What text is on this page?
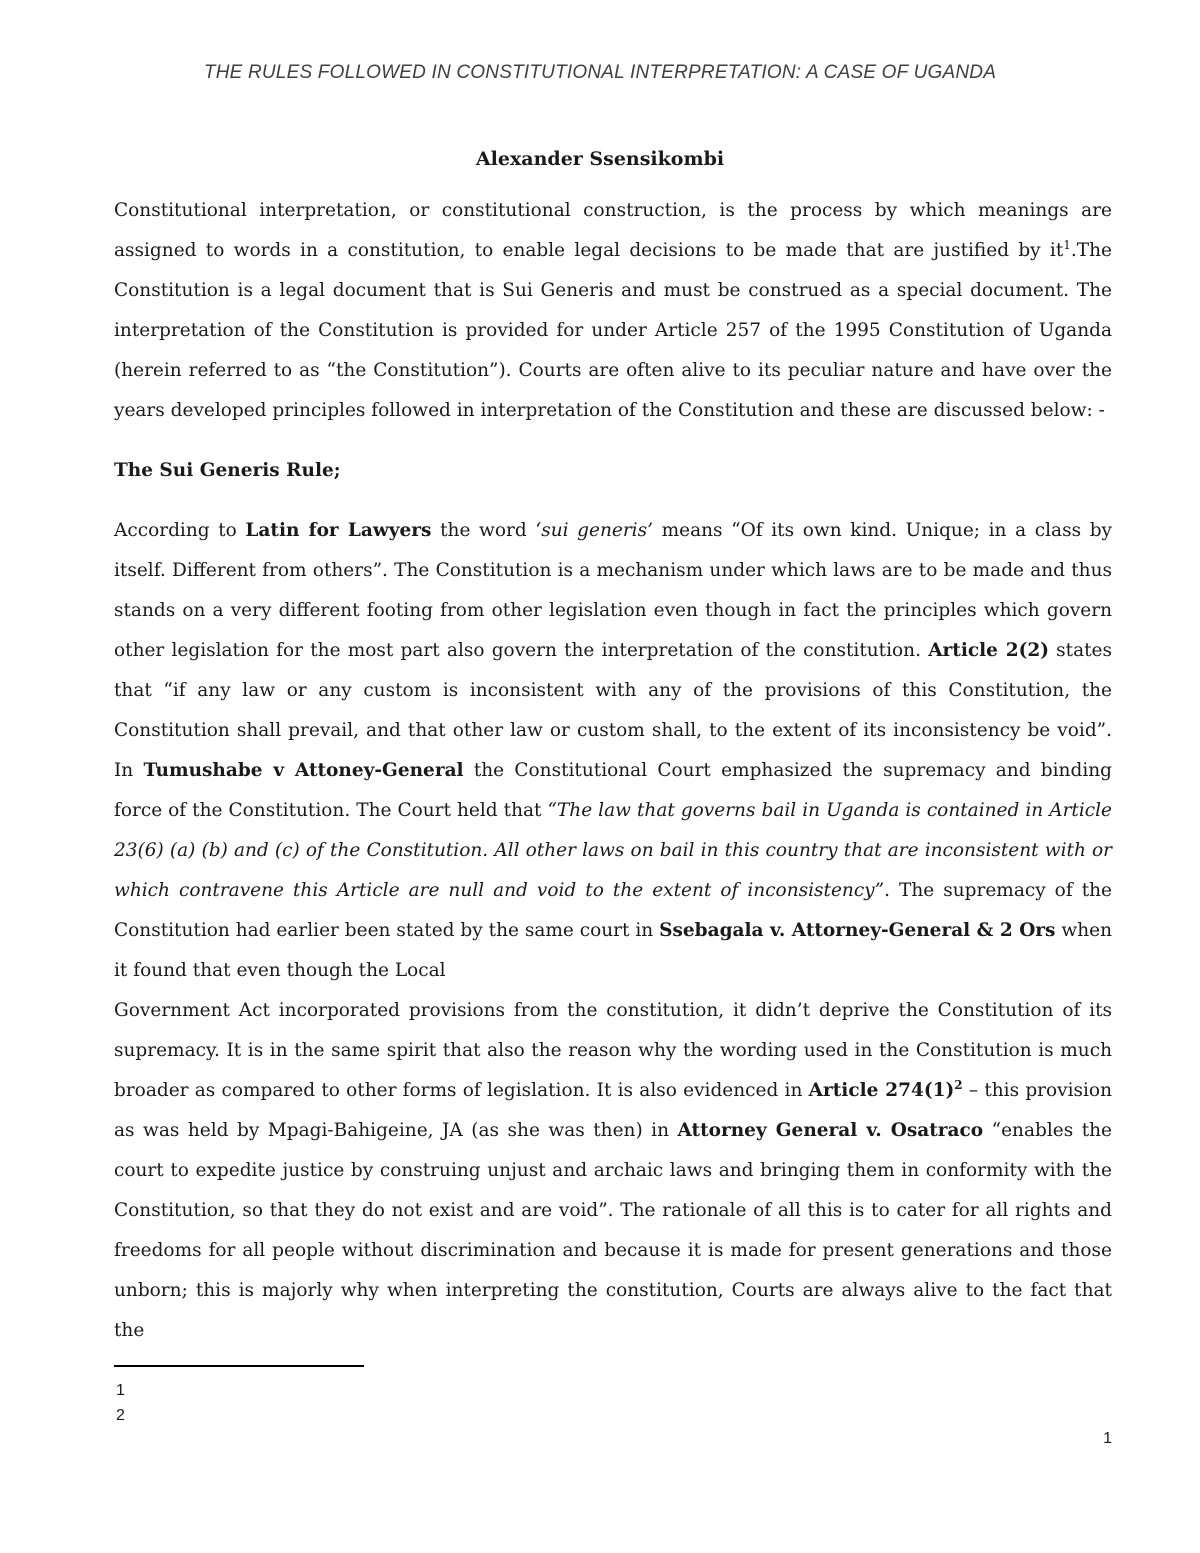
THE RULES FOLLOWED IN CONSTITUTIONAL INTERPRETATION: A CASE OF UGANDA
Alexander Ssensikombi

Constitutional interpretation, or constitutional construction, is the process by which meanings are assigned to words in a constitution, to enable legal decisions to be made that are justified by $it^1.The$ Constitution is a legal document that is Sui Generis and must be construed as a special document. The interpretation of the Constitution is provided for under Article 257 of the 1995 Constitution of Uganda (herein referred to as “the Constitution”). Courts are often alive to its peculiar nature and have over the years developed principles followed in interpretation of the Constitution and these are discussed below: -

The Sui Generis Rule;

According to Latin for Lawyers the word ‘sui generis’ means “Of its own kind. Unique; in a class by itself. Different from others”. The Constitution is a mechanism under which laws are to be made and thus stands on a very different footing from other legislation even though in fact the principles which govern other legislation for the most part also govern the interpretation of the constitution. Article 2(2) states that “if any law or any custom is inconsistent with any of the provisions of this Constitution, the Constitution shall prevail, and that other law or custom shall, to the extent of its inconsistency be void”. In Tumushabe v Attoney-General the Constitutional Court emphasized the supremacy and binding force of the Constitution. The Court held that “The law that governs bail in Uganda is contained in Article 23(6) (a) (b) and (c) of the Constitution. All other laws on bail in this country that are inconsistent with or which contravene this Article are null and void to the extent of inconsistency”. The supremacy of the Constitution had earlier been stated by the same court in Ssebagala v. Attorney-General & 2 Ors when it found that even though the Local

Government Act incorporated provisions from the constitution, it didn’t deprive the Constitution of its supremacy. It is in the same spirit that also the reason why the wording used in the Constitution is much broader as compared to other forms of legislation. It is also evidenced in Article $274(1)^2$ – this provision as was held by Mpagi-Bahigeine, JA (as she was then) in Attorney General v. Osatraco “enables the court to expedite justice by construing unjust and archaic laws and bringing them in conformity with the Constitution, so that they do not exist and are void”. The rationale of all this is to cater for all rights and freedoms for all people without discrimination and because it is made for present generations and those unborn; this is majorly why when interpreting the constitution, Courts are always alive to the fact that the

1
2
1
